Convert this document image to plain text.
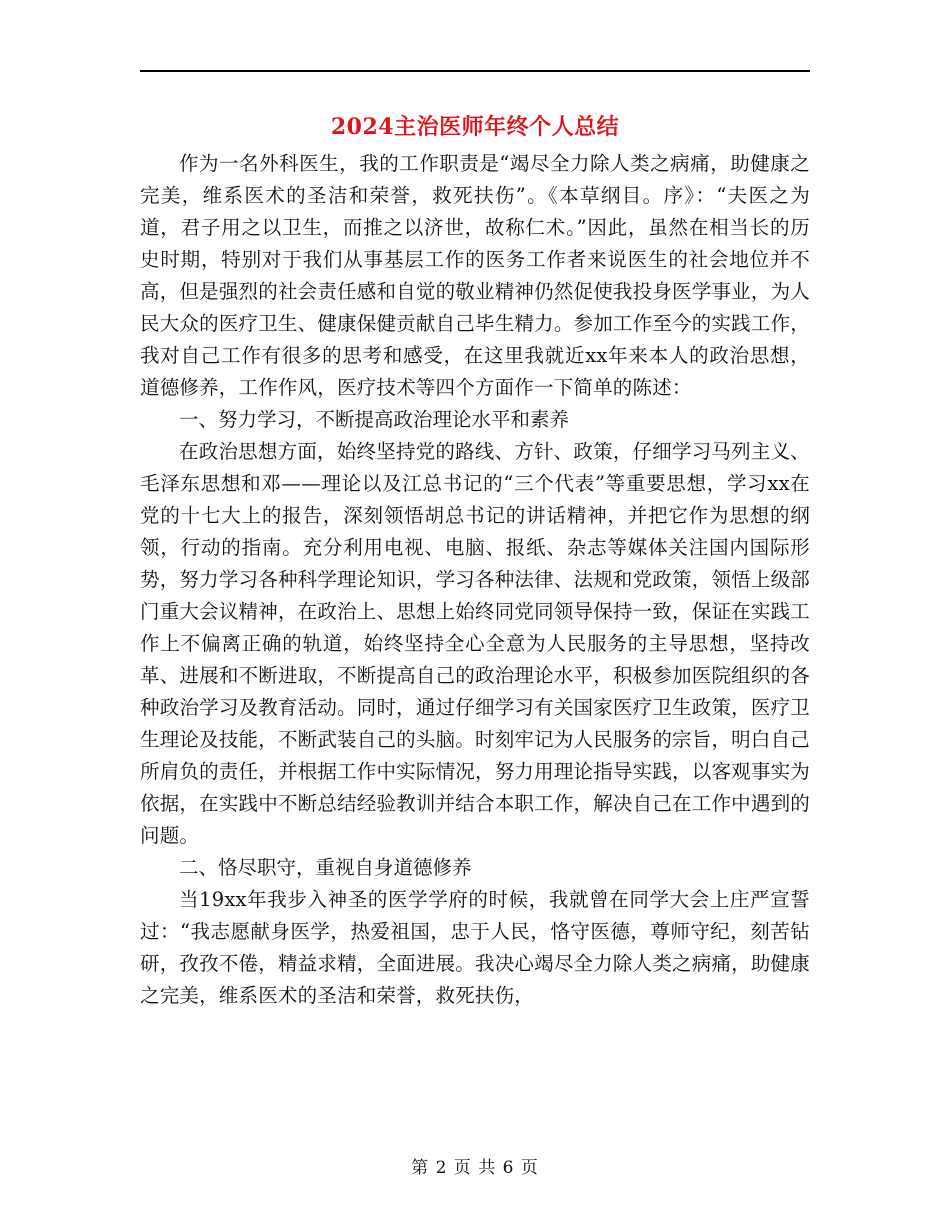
2024主治医师年终个人总结

作为一名外科医生，我的工作职责是“竭尽全力除人类之病痛，助健康之完美，维系医术的圣洁和荣誉，救死扶伤”。《本草纲目。序》：“夫医之为道，君子用之以卫生，而推之以济世，故称仁术。”因此，虽然在相当长的历史时期，特别对于我们从事基层工作的医务工作者来说医生的社会地位并不高，但是强烈的社会责任感和自觉的敬业精神仍然促使我投身医学事业，为人民大众的医疗卫生、健康保健贡献自己毕生精力。参加工作至今的实践工作，我对自己工作有很多的思考和感受，在这里我就近xx年来本人的政治思想，道德修养，工作作风，医疗技术等四个方面作一下简单的陈述：

一、努力学习，不断提高政治理论水平和素养

在政治思想方面，始终坚持党的路线、方针、政策，仔细学习马列主义、毛泽东思想和邓——理论以及江总书记的“三个代表”等重要思想，学习xx在党的十七大上的报告，深刻领悟胡总书记的讲话精神，并把它作为思想的纲领，行动的指南。充分利用电视、电脑、报纸、杂志等媒体关注国内国际形势，努力学习各种科学理论知识，学习各种法律、法规和党政策，领悟上级部门重大会议精神，在政治上、思想上始终同党同领导保持一致，保证在实践工作上不偏离正确的轨道，始终坚持全心全意为人民服务的主导思想，坚持改革、进展和不断进取，不断提高自己的政治理论水平，积极参加医院组织的各种政治学习及教育活动。同时，通过仔细学习有关国家医疗卫生政策，医疗卫生理论及技能，不断武装自己的头脑。时刻牢记为人民服务的宗旨，明白自己所肩负的责任，并根据工作中实际情况，努力用理论指导实践，以客观事实为依据，在实践中不断总结经验教训并结合本职工作，解决自己在工作中遇到的问题。

二、恪尽职守，重视自身道德修养

当19xx年我步入神圣的医学学府的时候，我就曾在同学大会上庄严宣誓过：“我志愿献身医学，热爱祖国，忠于人民，恪守医德，尊师守纪，刻苦钻研，孜孜不倦，精益求精，全面进展。我决心竭尽全力除人类之病痛，助健康之完美，维系医术的圣洁和荣誉，救死扶伤，

第 2 页 共 6 页
